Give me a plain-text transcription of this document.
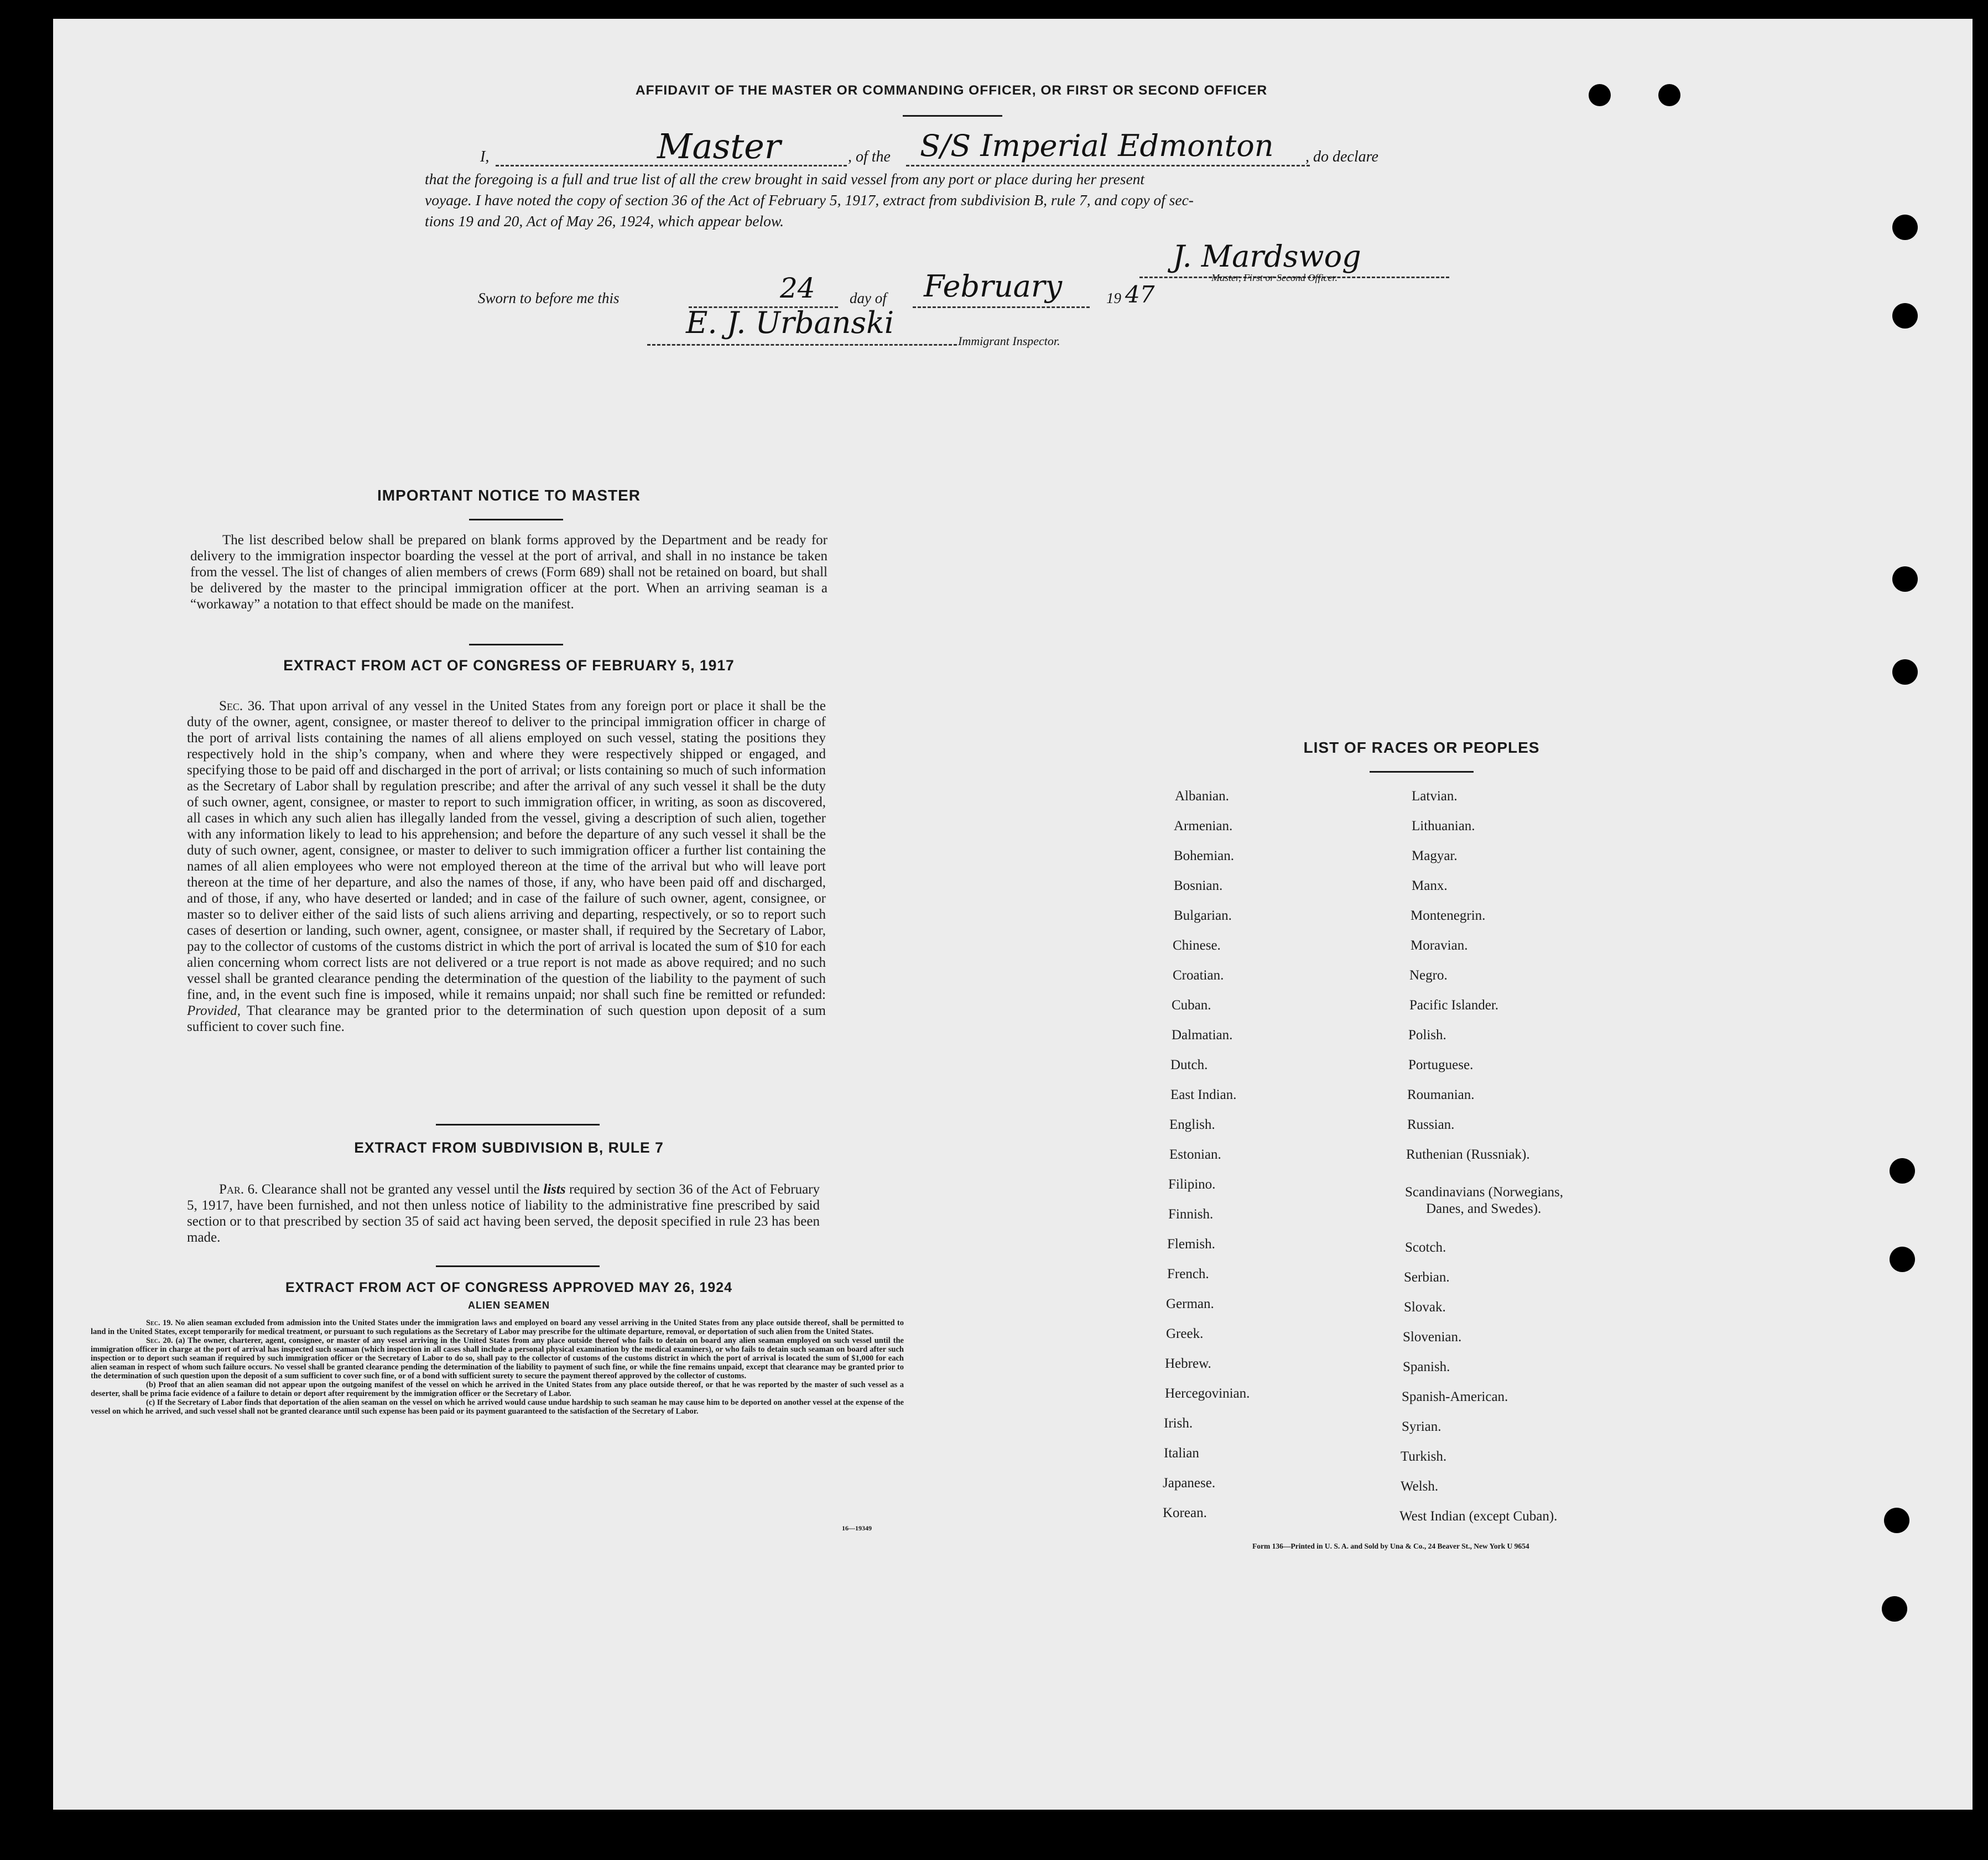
AFFIDAVIT OF THE MASTER OR COMMANDING OFFICER, OR FIRST OR SECOND OFFICER
I,	Master	, of the S/S Imperial Edmonton , do declare
that the foregoing is a full and true list of all the crew brought in said vessel from any port or place during her present
voyage. I have noted the copy of section 36 of the Act of February 5, 1917, extract from subdivision B, rule 7, and copy of sec-
tions 19 and 20, Act of May 26, 1924, which appear below.
Sworn to before me this	24 day of February	19 47
J. Mardswog
Master, First or Second Officer.
E. J. Urbanski
Immigrant Inspector.
IMPORTANT NOTICE TO MASTER
The list described below shall be prepared on blank forms approved by the Department and be ready for delivery to the immigration inspector boarding the vessel at the port of arrival, and shall in no instance be taken from the vessel. The list of changes of alien members of crews (Form 689) shall not be retained on board, but shall be delivered by the master to the principal immigration officer at the port. When an arriving seaman is a “workaway” a notation to that effect should be made on the manifest.
EXTRACT FROM ACT OF CONGRESS OF FEBRUARY 5, 1917
Sec. 36. That upon arrival of any vessel in the United States from any foreign port or place it shall be the duty of the owner, agent, consignee, or master thereof to deliver to the principal immigration officer in charge of the port of arrival lists containing the names of all aliens employed on such vessel, stating the positions they respectively hold in the ship’s company, when and where they were respectively shipped or engaged, and specifying those to be paid off and discharged in the port of arrival; or lists containing so much of such information as the Secretary of Labor shall by regulation prescribe; and after the arrival of any such vessel it shall be the duty of such owner, agent, consignee, or master to report to such immigration officer, in writing, as soon as discovered, all cases in which any such alien has illegally landed from the vessel, giving a description of such alien, together with any information likely to lead to his apprehension; and before the departure of any such vessel it shall be the duty of such owner, agent, consignee, or master to deliver to such immigration officer a further list containing the names of all alien employees who were not employed thereon at the time of the arrival but who will leave port thereon at the time of her departure, and also the names of those, if any, who have been paid off and discharged, and of those, if any, who have deserted or landed; and in case of the failure of such owner, agent, consignee, or master so to deliver either of the said lists of such aliens arriving and departing, respectively, or so to report such cases of desertion or landing, such owner, agent, consignee, or master shall, if required by the Secretary of Labor, pay to the collector of customs of the customs district in which the port of arrival is located the sum of $10 for each alien concerning whom correct lists are not delivered or a true report is not made as above required; and no such vessel shall be granted clearance pending the determination of the question of the liability to the payment of such fine, and, in the event such fine is imposed, while it remains unpaid; nor shall such fine be remitted or refunded: Provided, That clearance may be granted prior to the determination of such question upon deposit of a sum sufficient to cover such fine.
EXTRACT FROM SUBDIVISION B, RULE 7
Par. 6. Clearance shall not be granted any vessel until the lists required by section 36 of the Act of February 5, 1917, have been furnished, and not then unless notice of liability to the administrative fine prescribed by said section or to that prescribed by section 35 of said act having been served, the deposit specified in rule 23 has been made.
EXTRACT FROM ACT OF CONGRESS APPROVED MAY 26, 1924
ALIEN SEAMEN
Sec. 19. No alien seaman excluded from admission into the United States under the immigration laws and employed on board any vessel arriving in the United States from any place outside thereof, shall be permitted to land in the United States, except temporarily for medical treatment, or pursuant to such regulations as the Secretary of Labor may prescribe for the ultimate departure, removal, or deportation of such alien from the United States.
Sec. 20. (a) The owner, charterer, agent, consignee, or master of any vessel arriving in the United States from any place outside thereof who fails to detain on board any alien seaman employed on such vessel until the immigration officer in charge at the port of arrival has inspected such seaman (which inspection in all cases shall include a personal physical examination by the medical examiners), or who fails to detain such seaman on board after such inspection or to deport such seaman if required by such immigration officer or the Secretary of Labor to do so, shall pay to the collector of customs of the customs district in which the port of arrival is located the sum of $1,000 for each alien seaman in respect of whom such failure occurs. No vessel shall be granted clearance pending the determination of the liability to payment of such fine, or while the fine remains unpaid, except that clearance may be granted prior to the determination of such question upon the deposit of a sum sufficient to cover such fine, or of a bond with sufficient surety to secure the payment thereof approved by the collector of customs.
(b) Proof that an alien seaman did not appear upon the outgoing manifest of the vessel on which he arrived in the United States from any place outside thereof, or that he was reported by the master of such vessel as a deserter, shall be prima facie evidence of a failure to detain or deport after requirement by the immigration officer or the Secretary of Labor.
(c) If the Secretary of Labor finds that deportation of the alien seaman on the vessel on which he arrived would cause undue hardship to such seaman he may cause him to be deported on another vessel at the expense of the vessel on which he arrived, and such vessel shall not be granted clearance until such expense has been paid or its payment guaranteed to the satisfaction of the Secretary of Labor.
16—19349
LIST OF RACES OR PEOPLES
Albanian.
Armenian.
Bohemian.
Bosnian.
Bulgarian.
Chinese.
Croatian.
Cuban.
Dalmatian.
Dutch.
East Indian.
English.
Estonian.
Filipino.
Finnish.
Flemish.
French.
German.
Greek.
Hebrew.
Hercegovinian.
Irish.
Italian
Japanese.
Korean.
Latvian.
Lithuanian.
Magyar.
Manx.
Montenegrin.
Moravian.
Negro.
Pacific Islander.
Polish.
Portuguese.
Roumanian.
Russian.
Ruthenian (Russniak).
Scandinavians (Norwegians,
Danes, and Swedes).
Scotch.
Serbian.
Slovak.
Slovenian.
Spanish.
Spanish-American.
Syrian.
Turkish.
Welsh.
West Indian (except Cuban).
Form 136—Printed in U. S. A. and Sold by Una & Co., 24 Beaver St., New York U 9654
